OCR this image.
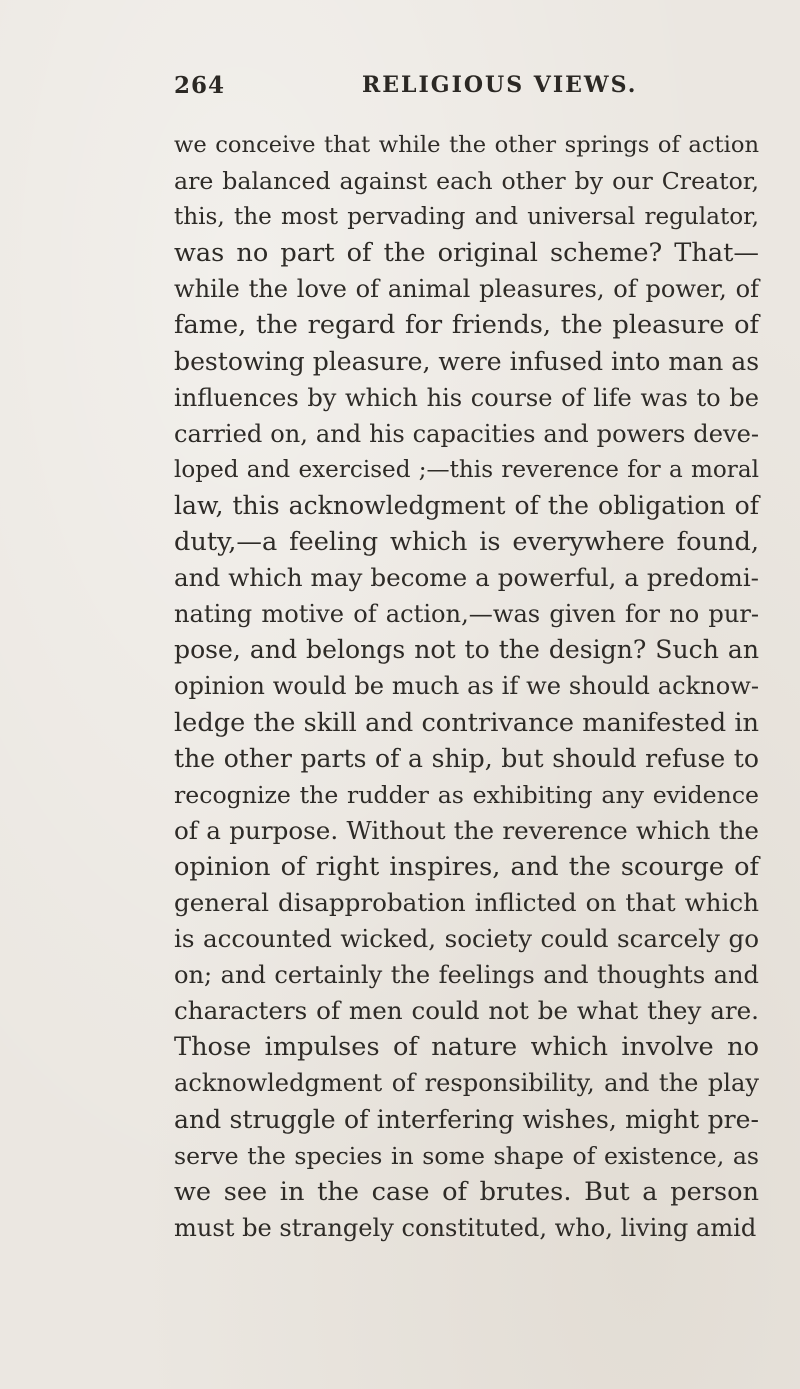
264	RELIGIOUS VIEWS.
we conceive that while the other springs of action
are balanced against each other by our Creator,
this, the most pervading and universal regulator,
was no part of the original scheme? That—
while the love of animal pleasures, of power, of
fame, the regard for friends, the pleasure of
bestowing pleasure, were infused into man as
influences by which his course of life was to be
carried on, and his capacities and powers deve-
loped and exercised ;—this reverence for a moral
law, this acknowledgment of the obligation of
duty,—a feeling which is everywhere found,
and which may become a powerful, a predomi-
nating motive of action,—was given for no pur-
pose, and belongs not to the design? Such an
opinion would be much as if we should acknow-
ledge the skill and contrivance manifested in
the other parts of a ship, but should refuse to
recognize the rudder as exhibiting any evidence
of a purpose. Without the reverence which the
opinion of right inspires, and the scourge of
general disapprobation inflicted on that which
is accounted wicked, society could scarcely go
on; and certainly the feelings and thoughts and
characters of men could not be what they are.
Those impulses of nature which involve no
acknowledgment of responsibility, and the play
and struggle of interfering wishes, might pre-
serve the species in some shape of existence, as
we see in the case of brutes. But a person
must be strangely constituted, who, living amid
